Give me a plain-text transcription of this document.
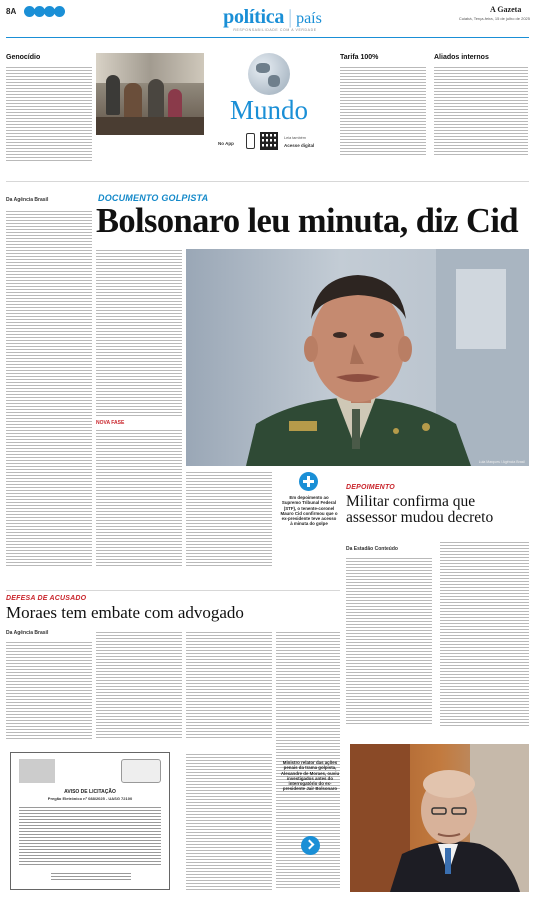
8A	política | país
RESPONSABILIDADE COM A VERDADE
A Gazeta
Cuiabá, Terça-feira, 15 de julho de 2025
Genocídio
Mundo
No App
Leia também
Acesse digital
Tarifa 100%	Aliados internos
Da Agência Brasil	DOCUMENTO GOLPISTA
Bolsonaro leu minuta, diz Cid
NOVA FASE
Lula Marques / Agência Brasil
Em depoimento ao Supremo Tribunal Federal (STF), o tenente-coronel Mauro Cid confirmou que o ex-presidente teve acesso à minuta do golpe
DEPOIMENTO
Militar confirma que assessor mudou decreto
Da Estadão Conteúdo
DEFESA DE ACUSADO
Moraes tem embate com advogado
Da Agência Brasil
AVISO DE LICITAÇÃO
Pregão Eletrônico nº 088/2025 - UASG 72100
Ministro relator das ações penais da trama golpista, Alexandre de Moraes, ouviu investigados antes do interrogatório do ex-presidente Jair Bolsonaro
